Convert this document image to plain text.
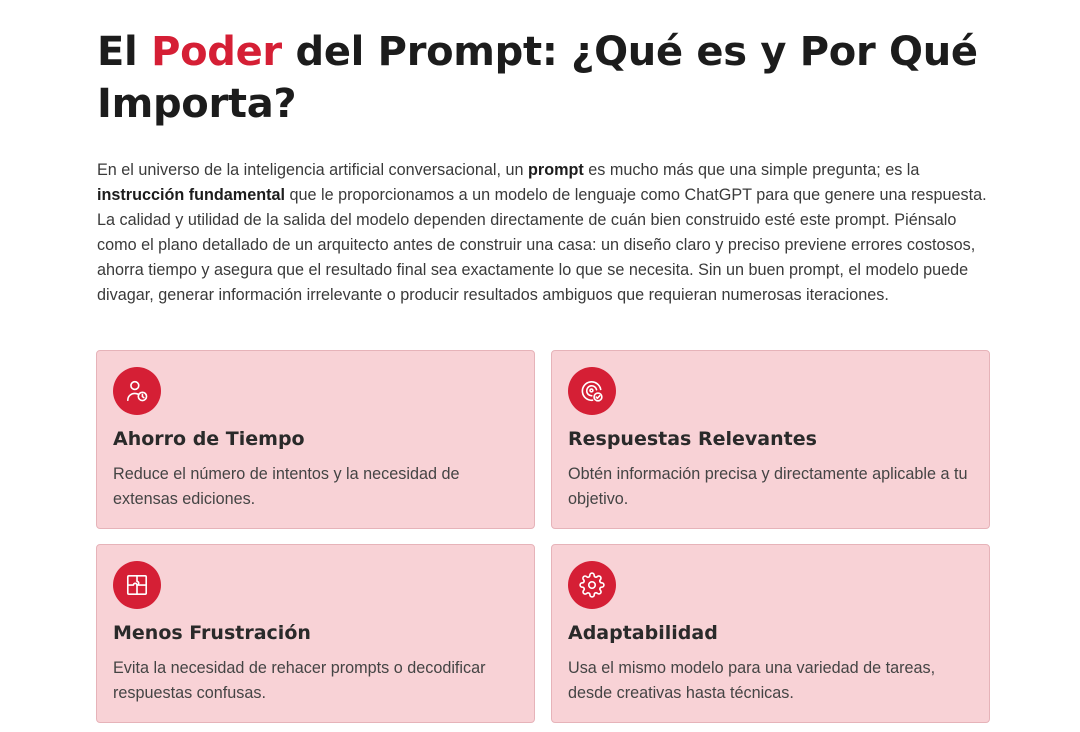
El Poder del Prompt: ¿Qué es y Por Qué Importa?

En el universo de la inteligencia artificial conversacional, un prompt es mucho más que una simple pregunta; es la instrucción fundamental que le proporcionamos a un modelo de lenguaje como ChatGPT para que genere una respuesta. La calidad y utilidad de la salida del modelo dependen directamente de cuán bien construido esté este prompt. Piénsalo como el plano detallado de un arquitecto antes de construir una casa: un diseño claro y preciso previene errores costosos, ahorra tiempo y asegura que el resultado final sea exactamente lo que se necesita. Sin un buen prompt, el modelo puede divagar, generar información irrelevante o producir resultados ambiguos que requieran numerosas iteraciones.

Ahorro de Tiempo

Reduce el número de intentos y la necesidad de extensas ediciones.

Respuestas Relevantes

Obtén información precisa y directamente aplicable a tu objetivo.

Menos Frustración

Evita la necesidad de rehacer prompts o decodificar respuestas confusas.

Adaptabilidad

Usa el mismo modelo para una variedad de tareas, desde creativas hasta técnicas.
